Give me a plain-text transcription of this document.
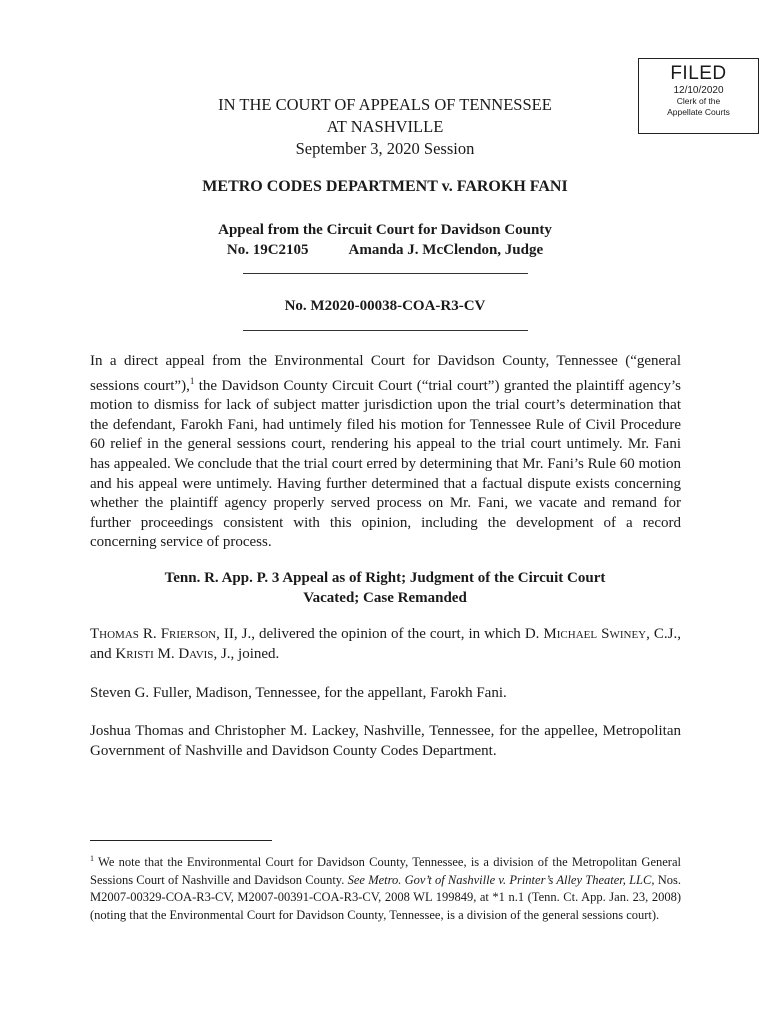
FILED
12/10/2020
Clerk of the
Appellate Courts
IN THE COURT OF APPEALS OF TENNESSEE
AT NASHVILLE
September 3, 2020 Session
METRO CODES DEPARTMENT v. FAROKH FANI
Appeal from the Circuit Court for Davidson County
No. 19C2105	Amanda J. McClendon, Judge
No. M2020-00038-COA-R3-CV
In a direct appeal from the Environmental Court for Davidson County, Tennessee (“general sessions court”),$^1$ the Davidson County Circuit Court (“trial court”) granted the plaintiff agency’s motion to dismiss for lack of subject matter jurisdiction upon the trial court’s determination that the defendant, Farokh Fani, had untimely filed his motion for Tennessee Rule of Civil Procedure 60 relief in the general sessions court, rendering his appeal to the trial court untimely. Mr. Fani has appealed. We conclude that the trial court erred by determining that Mr. Fani’s Rule 60 motion and his appeal were untimely. Having further determined that a factual dispute exists concerning whether the plaintiff agency properly served process on Mr. Fani, we vacate and remand for further proceedings consistent with this opinion, including the development of a record concerning service of process.
Tenn. R. App. P. 3 Appeal as of Right; Judgment of the Circuit Court
Vacated; Case Remanded
Thomas R. Frierson, II, J., delivered the opinion of the court, in which D. Michael Swiney, C.J., and Kristi M. Davis, J., joined.
Steven G. Fuller, Madison, Tennessee, for the appellant, Farokh Fani.
Joshua Thomas and Christopher M. Lackey, Nashville, Tennessee, for the appellee, Metropolitan Government of Nashville and Davidson County Codes Department.
$^1$ We note that the Environmental Court for Davidson County, Tennessee, is a division of the Metropolitan General Sessions Court of Nashville and Davidson County. See Metro. Gov’t of Nashville v. Printer’s Alley Theater, LLC, Nos. M2007-00329-COA-R3-CV, M2007-00391-COA-R3-CV, 2008 WL 199849, at *1 n.1 (Tenn. Ct. App. Jan. 23, 2008) (noting that the Environmental Court for Davidson County, Tennessee, is a division of the general sessions court).
